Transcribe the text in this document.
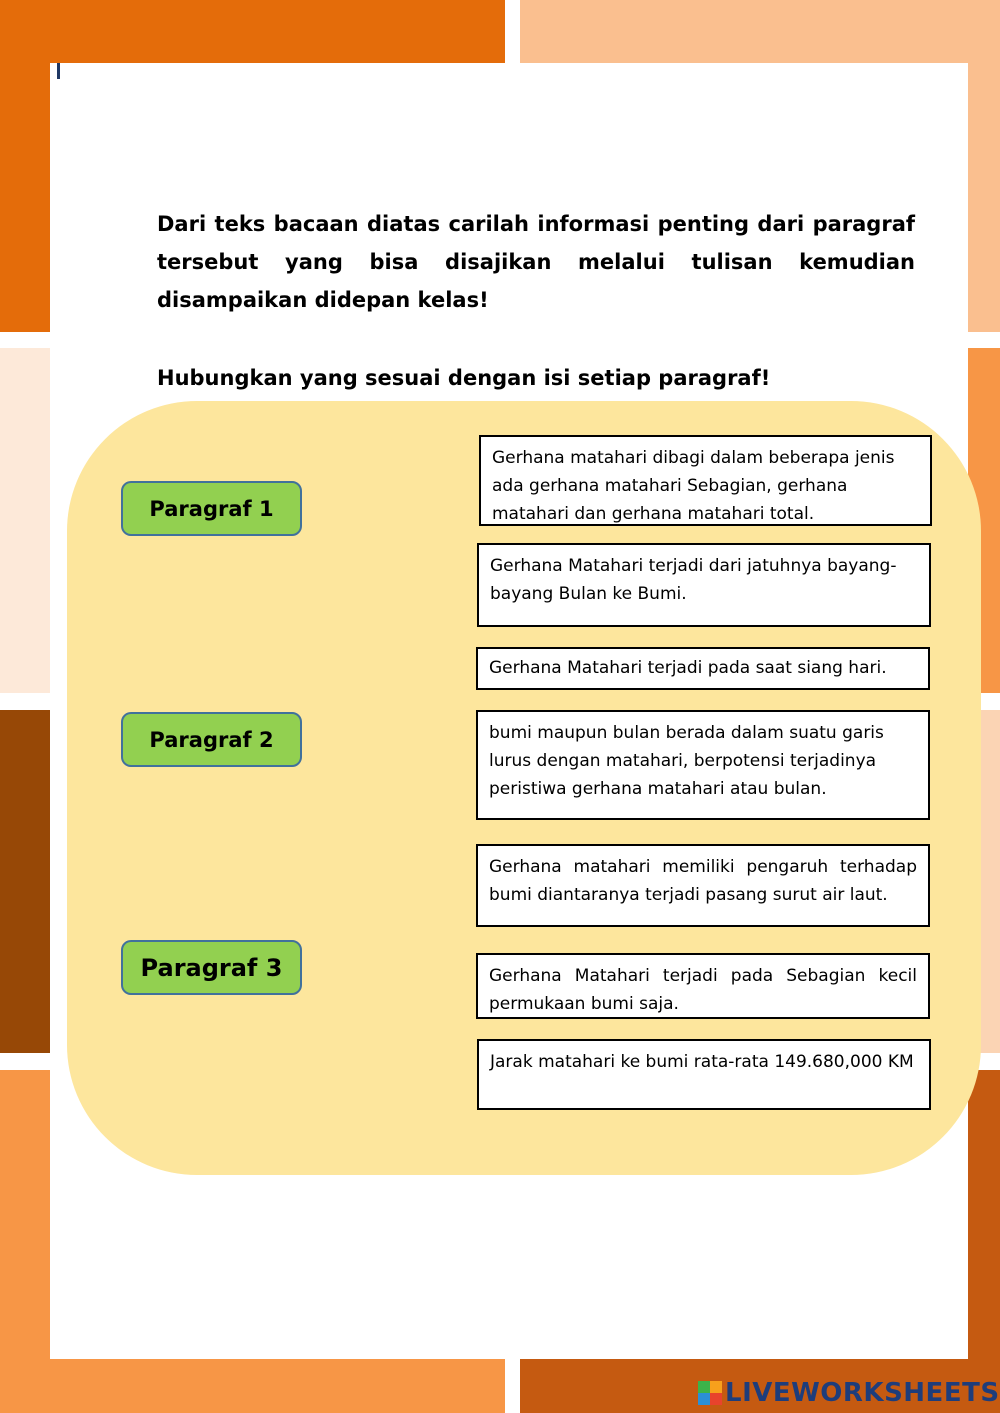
Dari teks bacaan diatas carilah informasi penting dari paragraf tersebut yang bisa disajikan melalui tulisan kemudian disampaikan didepan kelas!

Hubungkan yang sesuai dengan isi setiap paragraf!

Paragraf 1
Paragraf 2
Paragraf 3
Gerhana matahari dibagi dalam beberapa jenis ada gerhana matahari Sebagian, gerhana matahari dan gerhana matahari total.
Gerhana Matahari terjadi dari jatuhnya bayang-bayang Bulan ke Bumi.
Gerhana Matahari terjadi pada saat siang hari.
bumi maupun bulan berada dalam suatu garis lurus dengan matahari, berpotensi terjadinya peristiwa gerhana matahari atau bulan.
Gerhana matahari memiliki pengaruh terhadap bumi diantaranya terjadi pasang surut air laut.
Gerhana Matahari terjadi pada Sebagian kecil permukaan bumi saja.
Jarak matahari ke bumi rata-rata 149.680,000 KM
LIVEWORKSHEETS
